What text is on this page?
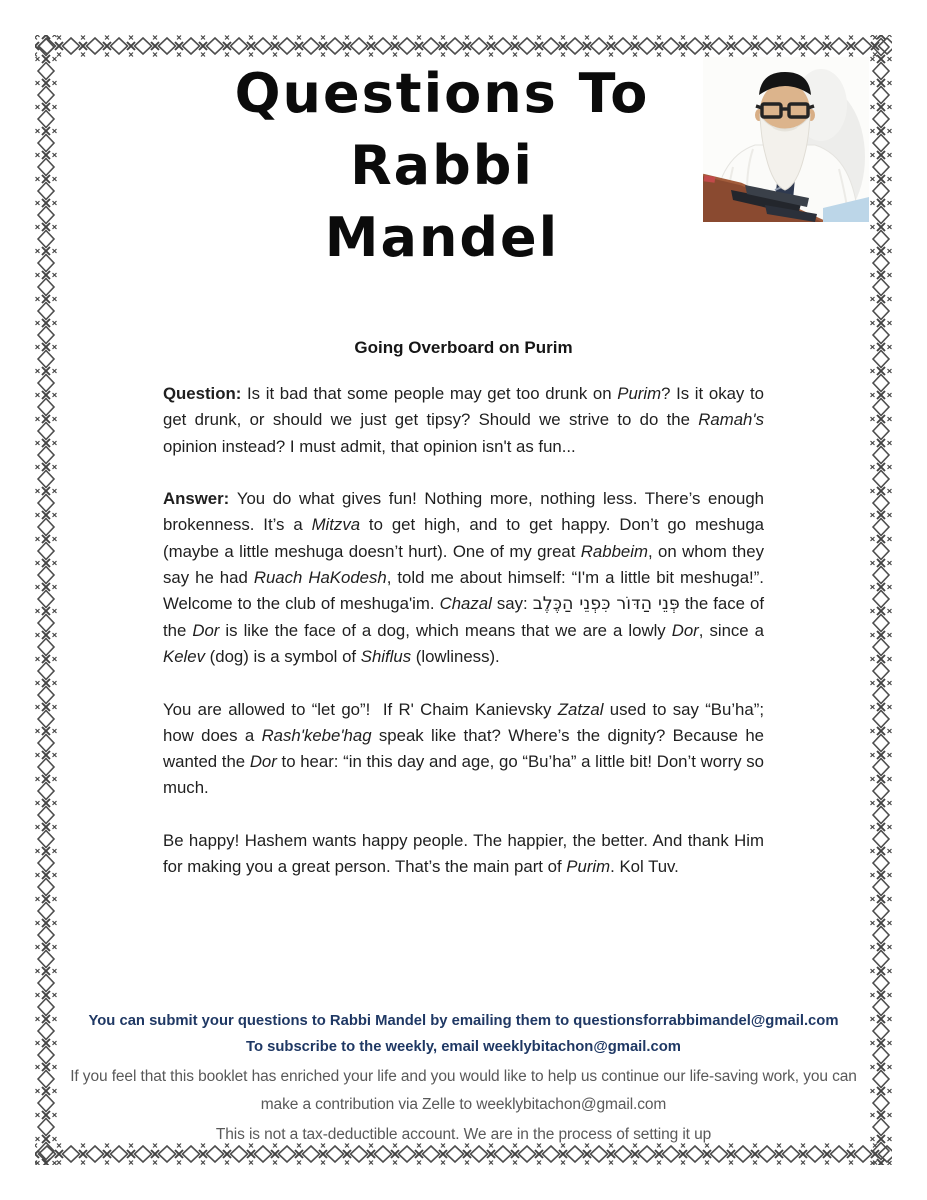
Questions To
Rabbi
Mandel
Going Overboard on Purim

Question: Is it bad that some people may get too drunk on Purim? Is it okay to get drunk, or should we just get tipsy? Should we strive to do the Ramah's opinion instead? I must admit, that opinion isn't as fun...

Answer: You do what gives fun! Nothing more, nothing less. There’s enough brokenness. It’s a Mitzva to get high, and to get happy. Don’t go meshuga (maybe a little meshuga doesn’t hurt). One of my great Rabbeim, on whom they say he had Ruach HaKodesh, told me about himself: “I'm a little bit meshuga!”. Welcome to the club of meshuga'im. Chazal say: פְּנֵי הַדּוֹר כִּפְנֵי הַכֶּלֶב the face of the Dor is like the face of a dog, which means that we are a lowly Dor, since a Kelev (dog) is a symbol of Shiflus (lowliness).

You are allowed to “let go”!  If R' Chaim Kanievsky Zatzal used to say “Bu’ha”; how does a Rash'kebe'hag speak like that? Where’s the dignity? Because he wanted the Dor to hear: “in this day and age, go “Bu’ha” a little bit! Don’t worry so much.

Be happy! Hashem wants happy people. The happier, the better. And thank Him for making you a great person. That’s the main part of Purim. Kol Tuv.

You can submit your questions to Rabbi Mandel by emailing them to questionsforrabbimandel@gmail.com

To subscribe to the weekly, email weeklybitachon@gmail.com

If you feel that this booklet has enriched your life and you would like to help us continue our life-saving work, you can make a contribution via Zelle to weeklybitachon@gmail.com

This is not a tax-deductible account. We are in the process of setting it up
